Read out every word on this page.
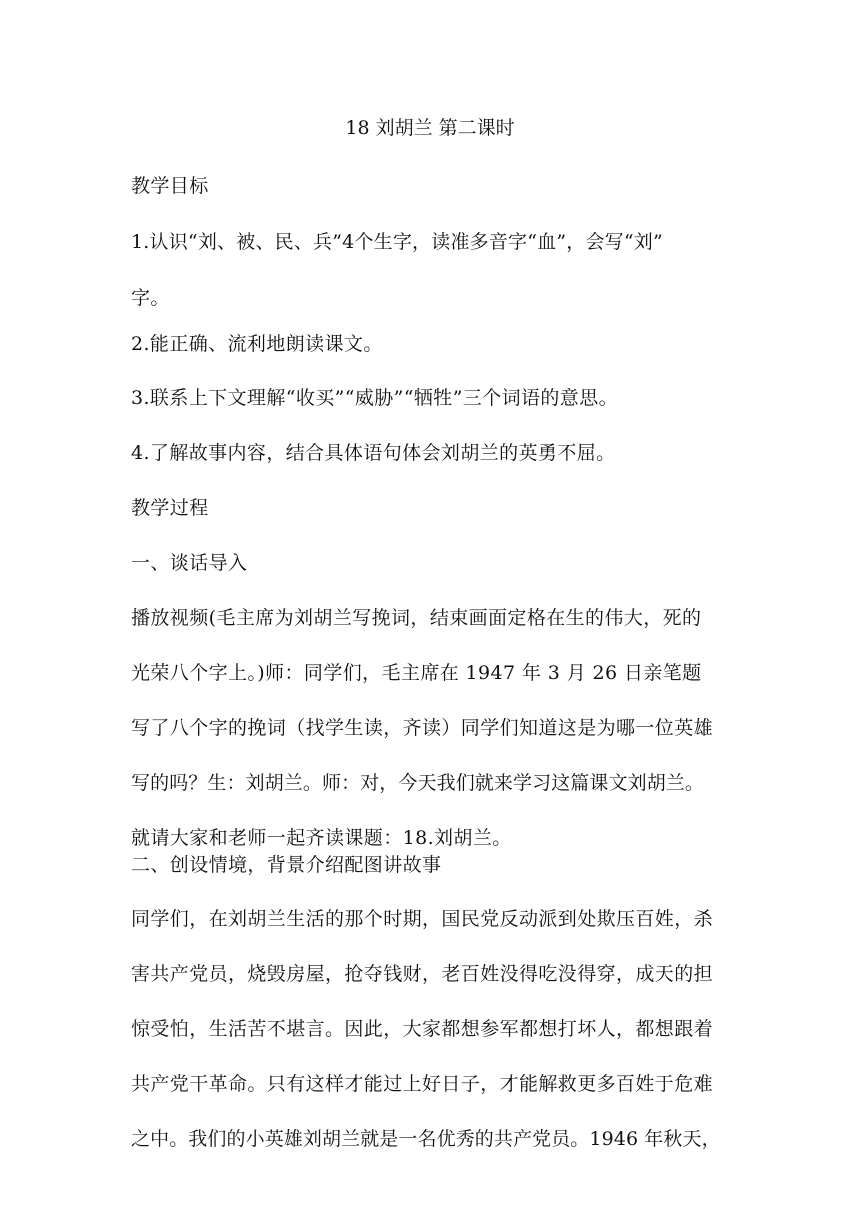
18 刘胡兰 第二课时
教学目标
1.认识“刘、被、民、兵”4个生字，读准多音字“血”，会写“刘”
字。
2.能正确、流利地朗读课文。
3.联系上下文理解“收买”“威胁”“牺牲”三个词语的意思。
4.了解故事内容，结合具体语句体会刘胡兰的英勇不屈。
教学过程
一、谈话导入
播放视频(毛主席为刘胡兰写挽词，结束画面定格在生的伟大，死的
光荣八个字上。)师：同学们，毛主席在 1947 年 3 月 26 日亲笔题
写了八个字的挽词（找学生读，齐读）同学们知道这是为哪一位英雄
写的吗？生：刘胡兰。师：对，今天我们就来学习这篇课文刘胡兰。
就请大家和老师一起齐读课题：18.刘胡兰。
二、创设情境，背景介绍配图讲故事
同学们，在刘胡兰生活的那个时期，国民党反动派到处欺压百姓，杀
害共产党员，烧毁房屋，抢夺钱财，老百姓没得吃没得穿，成天的担
惊受怕，生活苦不堪言。因此，大家都想参军都想打坏人，都想跟着
共产党干革命。只有这样才能过上好日子，才能解救更多百姓于危难
之中。我们的小英雄刘胡兰就是一名优秀的共产党员。1946 年秋天，
